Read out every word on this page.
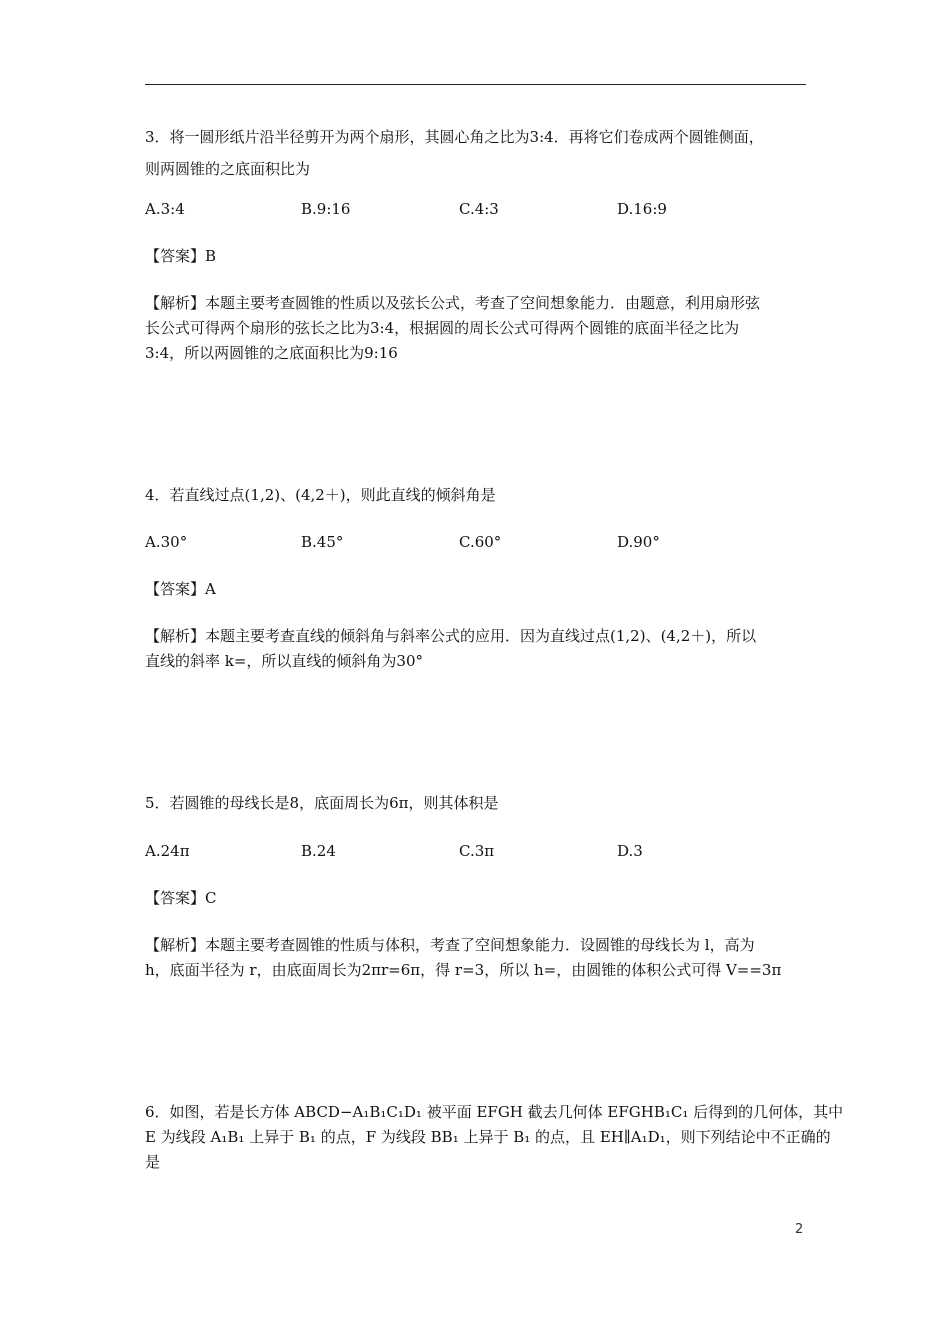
3．将一圆形纸片沿半径剪开为两个扇形，其圆心角之比为3:4．再将它们卷成两个圆锥侧面，
则两圆锥的之底面积比为
A.3:4	B.9:16	C.4:3	D.16:9
【答案】B
【解析】本题主要考查圆锥的性质以及弦长公式，考查了空间想象能力．由题意，利用扇形弦
长公式可得两个扇形的弦长之比为3:4，根据圆的周长公式可得两个圆锥的底面半径之比为
3:4，所以两圆锥的之底面积比为9:16
4．若直线过点(1,2)、(4,2＋)，则此直线的倾斜角是
A.30°	B.45°	C.60°	D.90°
【答案】A
【解析】本题主要考查直线的倾斜角与斜率公式的应用．因为直线过点(1,2)、(4,2＋)，所以
直线的斜率 k=，所以直线的倾斜角为30°
5．若圆锥的母线长是8，底面周长为6π，则其体积是
A.24π	B.24	C.3π	D.3
【答案】C
【解析】本题主要考查圆锥的性质与体积，考查了空间想象能力．设圆锥的母线长为 l，高为
h，底面半径为 r，由底面周长为2πr=6π，得 r=3，所以 h=，由圆锥的体积公式可得 V==3π
6．如图，若是长方体 ABCD−A₁B₁C₁D₁ 被平面 EFGH 截去几何体 EFGHB₁C₁ 后得到的几何体，其中
E 为线段 A₁B₁ 上异于 B₁ 的点，F 为线段 BB₁ 上异于 B₁ 的点，且 EH∥A₁D₁，则下列结论中不正确的
是
2
